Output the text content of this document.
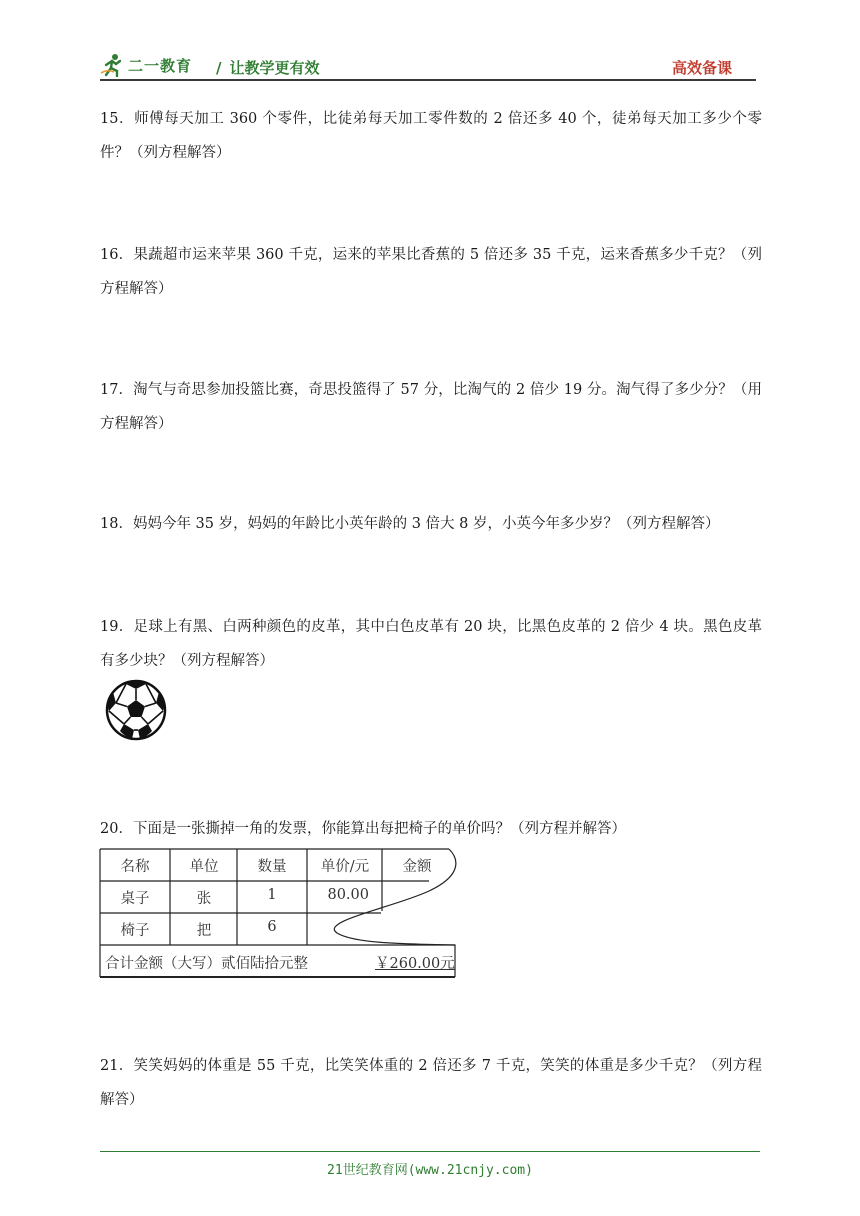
二一教育 / 让教学更有效	高效备课
15．师傅每天加工 360 个零件，比徒弟每天加工零件数的 2 倍还多 40 个，徒弟每天加工多少个零件？（列方程解答）
16．果蔬超市运来苹果 360 千克，运来的苹果比香蕉的 5 倍还多 35 千克，运来香蕉多少千克？（列方程解答）
17．淘气与奇思参加投篮比赛，奇思投篮得了 57 分，比淘气的 2 倍少 19 分。淘气得了多少分？（用方程解答）
18．妈妈今年 35 岁，妈妈的年龄比小英年龄的 3 倍大 8 岁，小英今年多少岁？（列方程解答）
19．足球上有黑、白两种颜色的皮革，其中白色皮革有 20 块，比黑色皮革的 2 倍少 4 块。黑色皮革有多少块？（列方程解答）
20．下面是一张撕掉一角的发票，你能算出每把椅子的单价吗？（列方程并解答）
名称	单位	数量	单价/元	金额
桌子	张	1	80.00
椅子	把	6
合计金额（大写）贰佰陆拾元整	￥260.00元
21．笑笑妈妈的体重是 55 千克，比笑笑体重的 2 倍还多 7 千克，笑笑的体重是多少千克？（列方程解答）
21世纪教育网(www.21cnjy.com)
